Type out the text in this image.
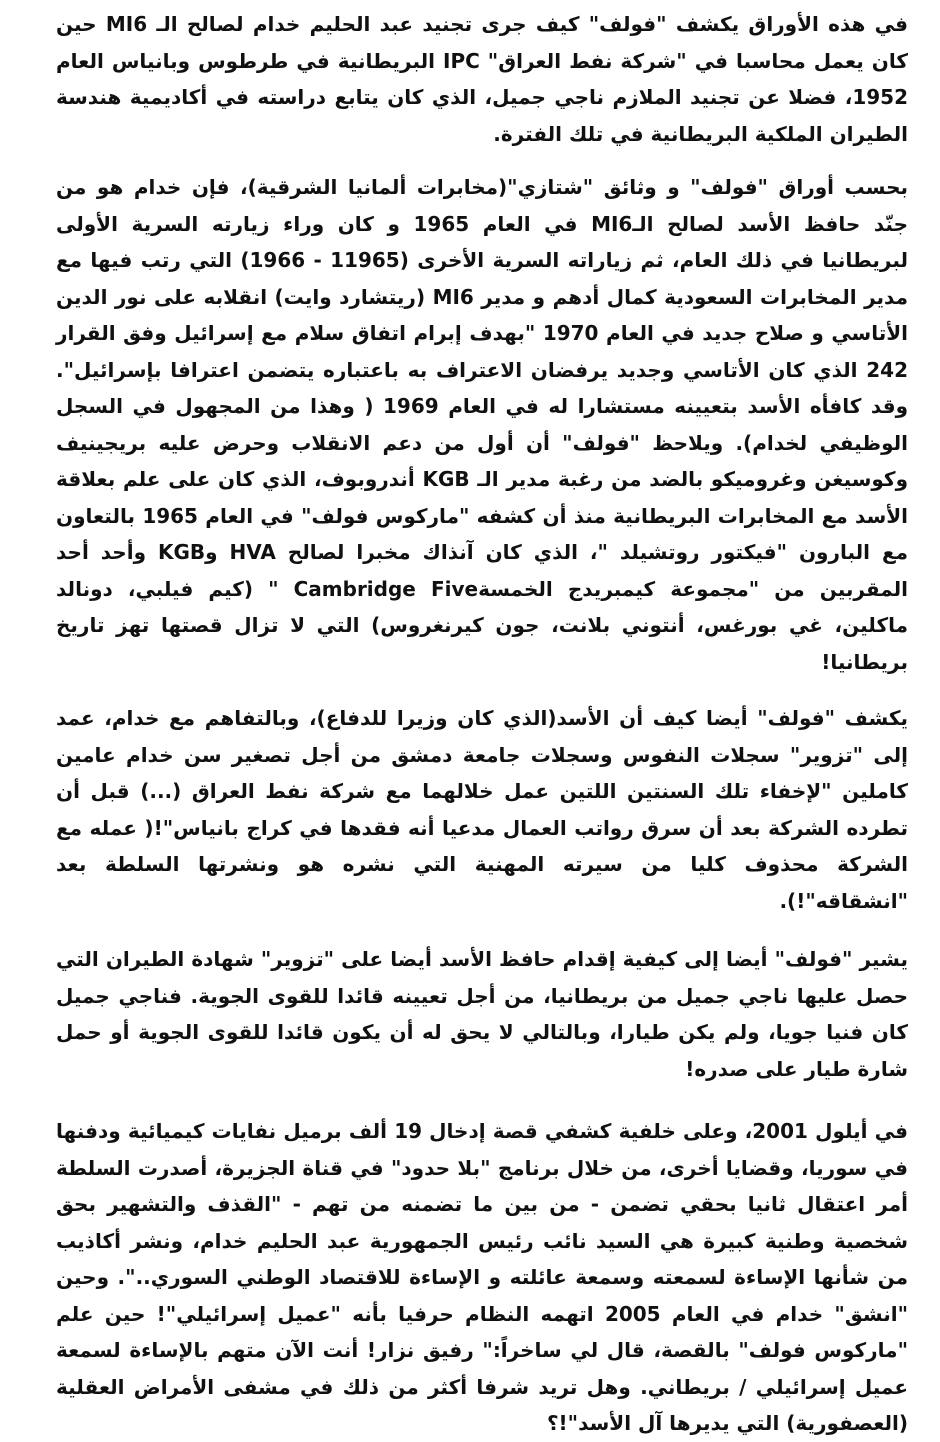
في هذه الأوراق يكشف "فولف" كيف جرى تجنيد عبد الحليم خدام لصالح الـ MI6 حين كان يعمل محاسبا في "شركة نفط العراق" IPC البريطانية في طرطوس وبانياس العام 1952، فضلا عن تجنيد الملازم ناجي جميل، الذي كان يتابع دراسته في أكاديمية هندسة الطيران الملكية البريطانية في تلك الفترة.

بحسب أوراق "فولف" و وثائق "شتازي"(مخابرات ألمانيا الشرقية)، فإن خدام هو من جنّد حافظ الأسد لصالح الـMI6 في العام 1965 و كان وراء زيارته السرية الأولى لبريطانيا في ذلك العام، ثم زياراته السرية الأخرى (11965 - 1966) التي رتب فيها مع مدير المخابرات السعودية كمال أدهم و مدير MI6 (ريتشارد وايت) انقلابه على نور الدين الأتاسي و صلاح جديد في العام 1970 "بهدف إبرام اتفاق سلام مع إسرائيل وفق القرار 242 الذي كان الأتاسي وجديد يرفضان الاعتراف به باعتباره يتضمن اعترافا بإسرائيل". وقد كافأه الأسد بتعيينه مستشارا له في العام 1969 ( وهذا من المجهول في السجل الوظيفي لخدام). ويلاحظ "فولف" أن أول من دعم الانقلاب وحرض عليه بريجينيف وكوسيغن وغروميكو بالضد من رغبة مدير الـ KGB أندروبوف، الذي كان على علم بعلاقة الأسد مع المخابرات البريطانية منذ أن كشفه "ماركوس فولف" في العام 1965 بالتعاون مع البارون "فيكتور روتشيلد "، الذي كان آنذاك مخبرا لصالح HVA وKGB وأحد أحد المقربين من "مجموعة كيمبريدج الخمسةCambridge Five " (كيم فيلبي، دونالد ماكلين، غي بورغس، أنتوني بلانت، جون كيرنغروس) التي لا تزال قصتها تهز تاريخ بريطانيا!

يكشف "فولف" أيضا كيف أن الأسد(الذي كان وزيرا للدفاع)، وبالتفاهم مع خدام، عمد إلى "تزوير" سجلات النفوس وسجلات جامعة دمشق من أجل تصغير سن خدام عامين كاملين "لإخفاء تلك السنتين اللتين عمل خلالهما مع شركة نفط العراق (...) قبل أن تطرده الشركة بعد أن سرق رواتب العمال مدعيا أنه فقدها في كراج بانياس"!( عمله مع الشركة محذوف كليا من سيرته المهنية التي نشره هو ونشرتها السلطة بعد "انشقاقه"!).

يشير "فولف" أيضا إلى كيفية إقدام حافظ الأسد أيضا على "تزوير" شهادة الطيران التي حصل عليها ناجي جميل من بريطانيا، من أجل تعيينه قائدا للقوى الجوية. فناجي جميل كان فنيا جويا، ولم يكن طيارا، وبالتالي لا يحق له أن يكون قائدا للقوى الجوية أو حمل شارة طيار على صدره!

في أيلول 2001، وعلى خلفية كشفي قصة إدخال 19 ألف برميل نفايات كيميائية ودفنها في سوريا، وقضايا أخرى، من خلال برنامج "بلا حدود" في قناة الجزيرة، أصدرت السلطة أمر اعتقال ثانيا بحقي تضمن - من بين ما تضمنه من تهم - "القذف والتشهير بحق شخصية وطنية كبيرة هي السيد نائب رئيس الجمهورية عبد الحليم خدام، ونشر أكاذيب من شأنها الإساءة لسمعته وسمعة عائلته و الإساءة للاقتصاد الوطني السوري..". وحين "انشق" خدام في العام 2005 اتهمه النظام حرفيا بأنه "عميل إسرائيلي"! حين علم "ماركوس فولف" بالقصة، قال لي ساخراً:" رفيق نزار! أنت الآن متهم بالإساءة لسمعة عميل إسرائيلي / بريطاني. وهل تريد شرفا أكثر من ذلك في مشفى الأمراض العقلية (العصفورية) التي يديرها آل الأسد"!؟
